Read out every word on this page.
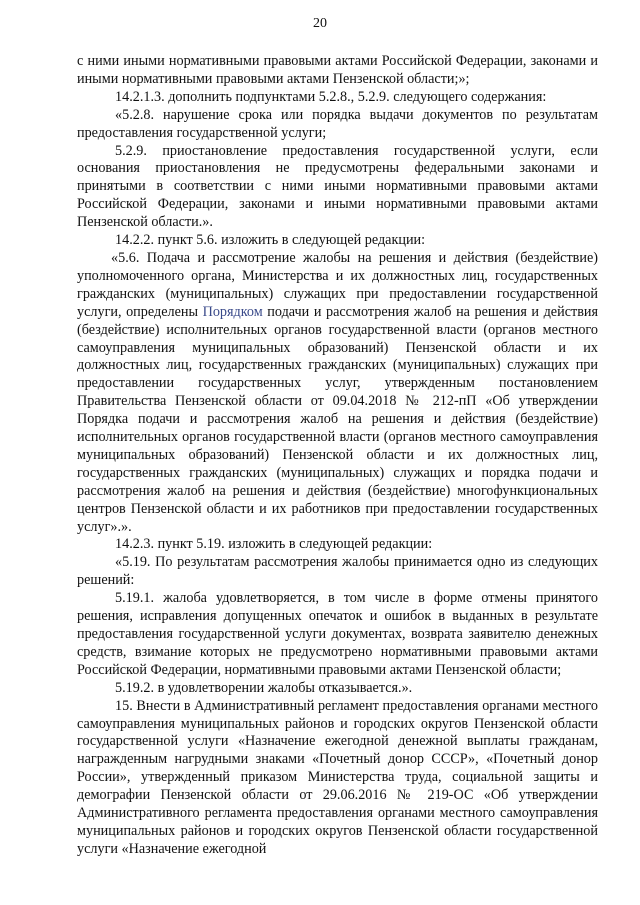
20

с ними иными нормативными правовыми актами Российской Федерации, законами и иными нормативными правовыми актами Пензенской области;»;

14.2.1.3. дополнить подпунктами 5.2.8., 5.2.9. следующего содержания:

«5.2.8. нарушение срока или порядка выдачи документов по результатам предоставления государственной услуги;

5.2.9. приостановление предоставления государственной услуги, если основания приостановления не предусмотрены федеральными законами и принятыми в соответствии с ними иными нормативными правовыми актами Российской Федерации, законами и иными нормативными правовыми актами Пензенской области.».

14.2.2. пункт 5.6. изложить в следующей редакции:

«5.6. Подача и рассмотрение жалобы на решения и действия (бездействие) уполномоченного органа, Министерства и их должностных лиц, государственных гражданских (муниципальных) служащих при предоставлении государственной услуги, определены Порядком подачи и рассмотрения жалоб на решения и действия (бездействие) исполнительных органов государственной власти (органов местного самоуправления муниципальных образований) Пензенской области и их должностных лиц, государственных гражданских (муниципальных) служащих при предоставлении государственных услуг, утвержденным постановлением Правительства Пензенской области от 09.04.2018 № 212-пП «Об утверждении Порядка подачи и рассмотрения жалоб на решения и действия (бездействие) исполнительных органов государственной власти (органов местного самоуправления муниципальных образований) Пензенской области и их должностных лиц, государственных гражданских (муниципальных) служащих и порядка подачи и рассмотрения жалоб на решения и действия (бездействие) многофункциональных центров Пензенской области и их работников при предоставлении государственных услуг».».

14.2.3. пункт 5.19. изложить в следующей редакции:

«5.19. По результатам рассмотрения жалобы принимается одно из следующих решений:

5.19.1. жалоба удовлетворяется, в том числе в форме отмены принятого решения, исправления допущенных опечаток и ошибок в выданных в результате предоставления государственной услуги документах, возврата заявителю денежных средств, взимание которых не предусмотрено нормативными правовыми актами Российской Федерации, нормативными правовыми актами Пензенской области;

5.19.2. в удовлетворении жалобы отказывается.».

15. Внести в Административный регламент предоставления органами местного самоуправления муниципальных районов и городских округов Пензенской области государственной услуги «Назначение ежегодной денежной выплаты гражданам, награжденным нагрудными знаками «Почетный донор СССР», «Почетный донор России», утвержденный приказом Министерства труда, социальной защиты и демографии Пензенской области от 29.06.2016 № 219-ОС «Об утверждении Административного регламента предоставления органами местного самоуправления муниципальных районов и городских округов Пензенской области государственной услуги «Назначение ежегодной
